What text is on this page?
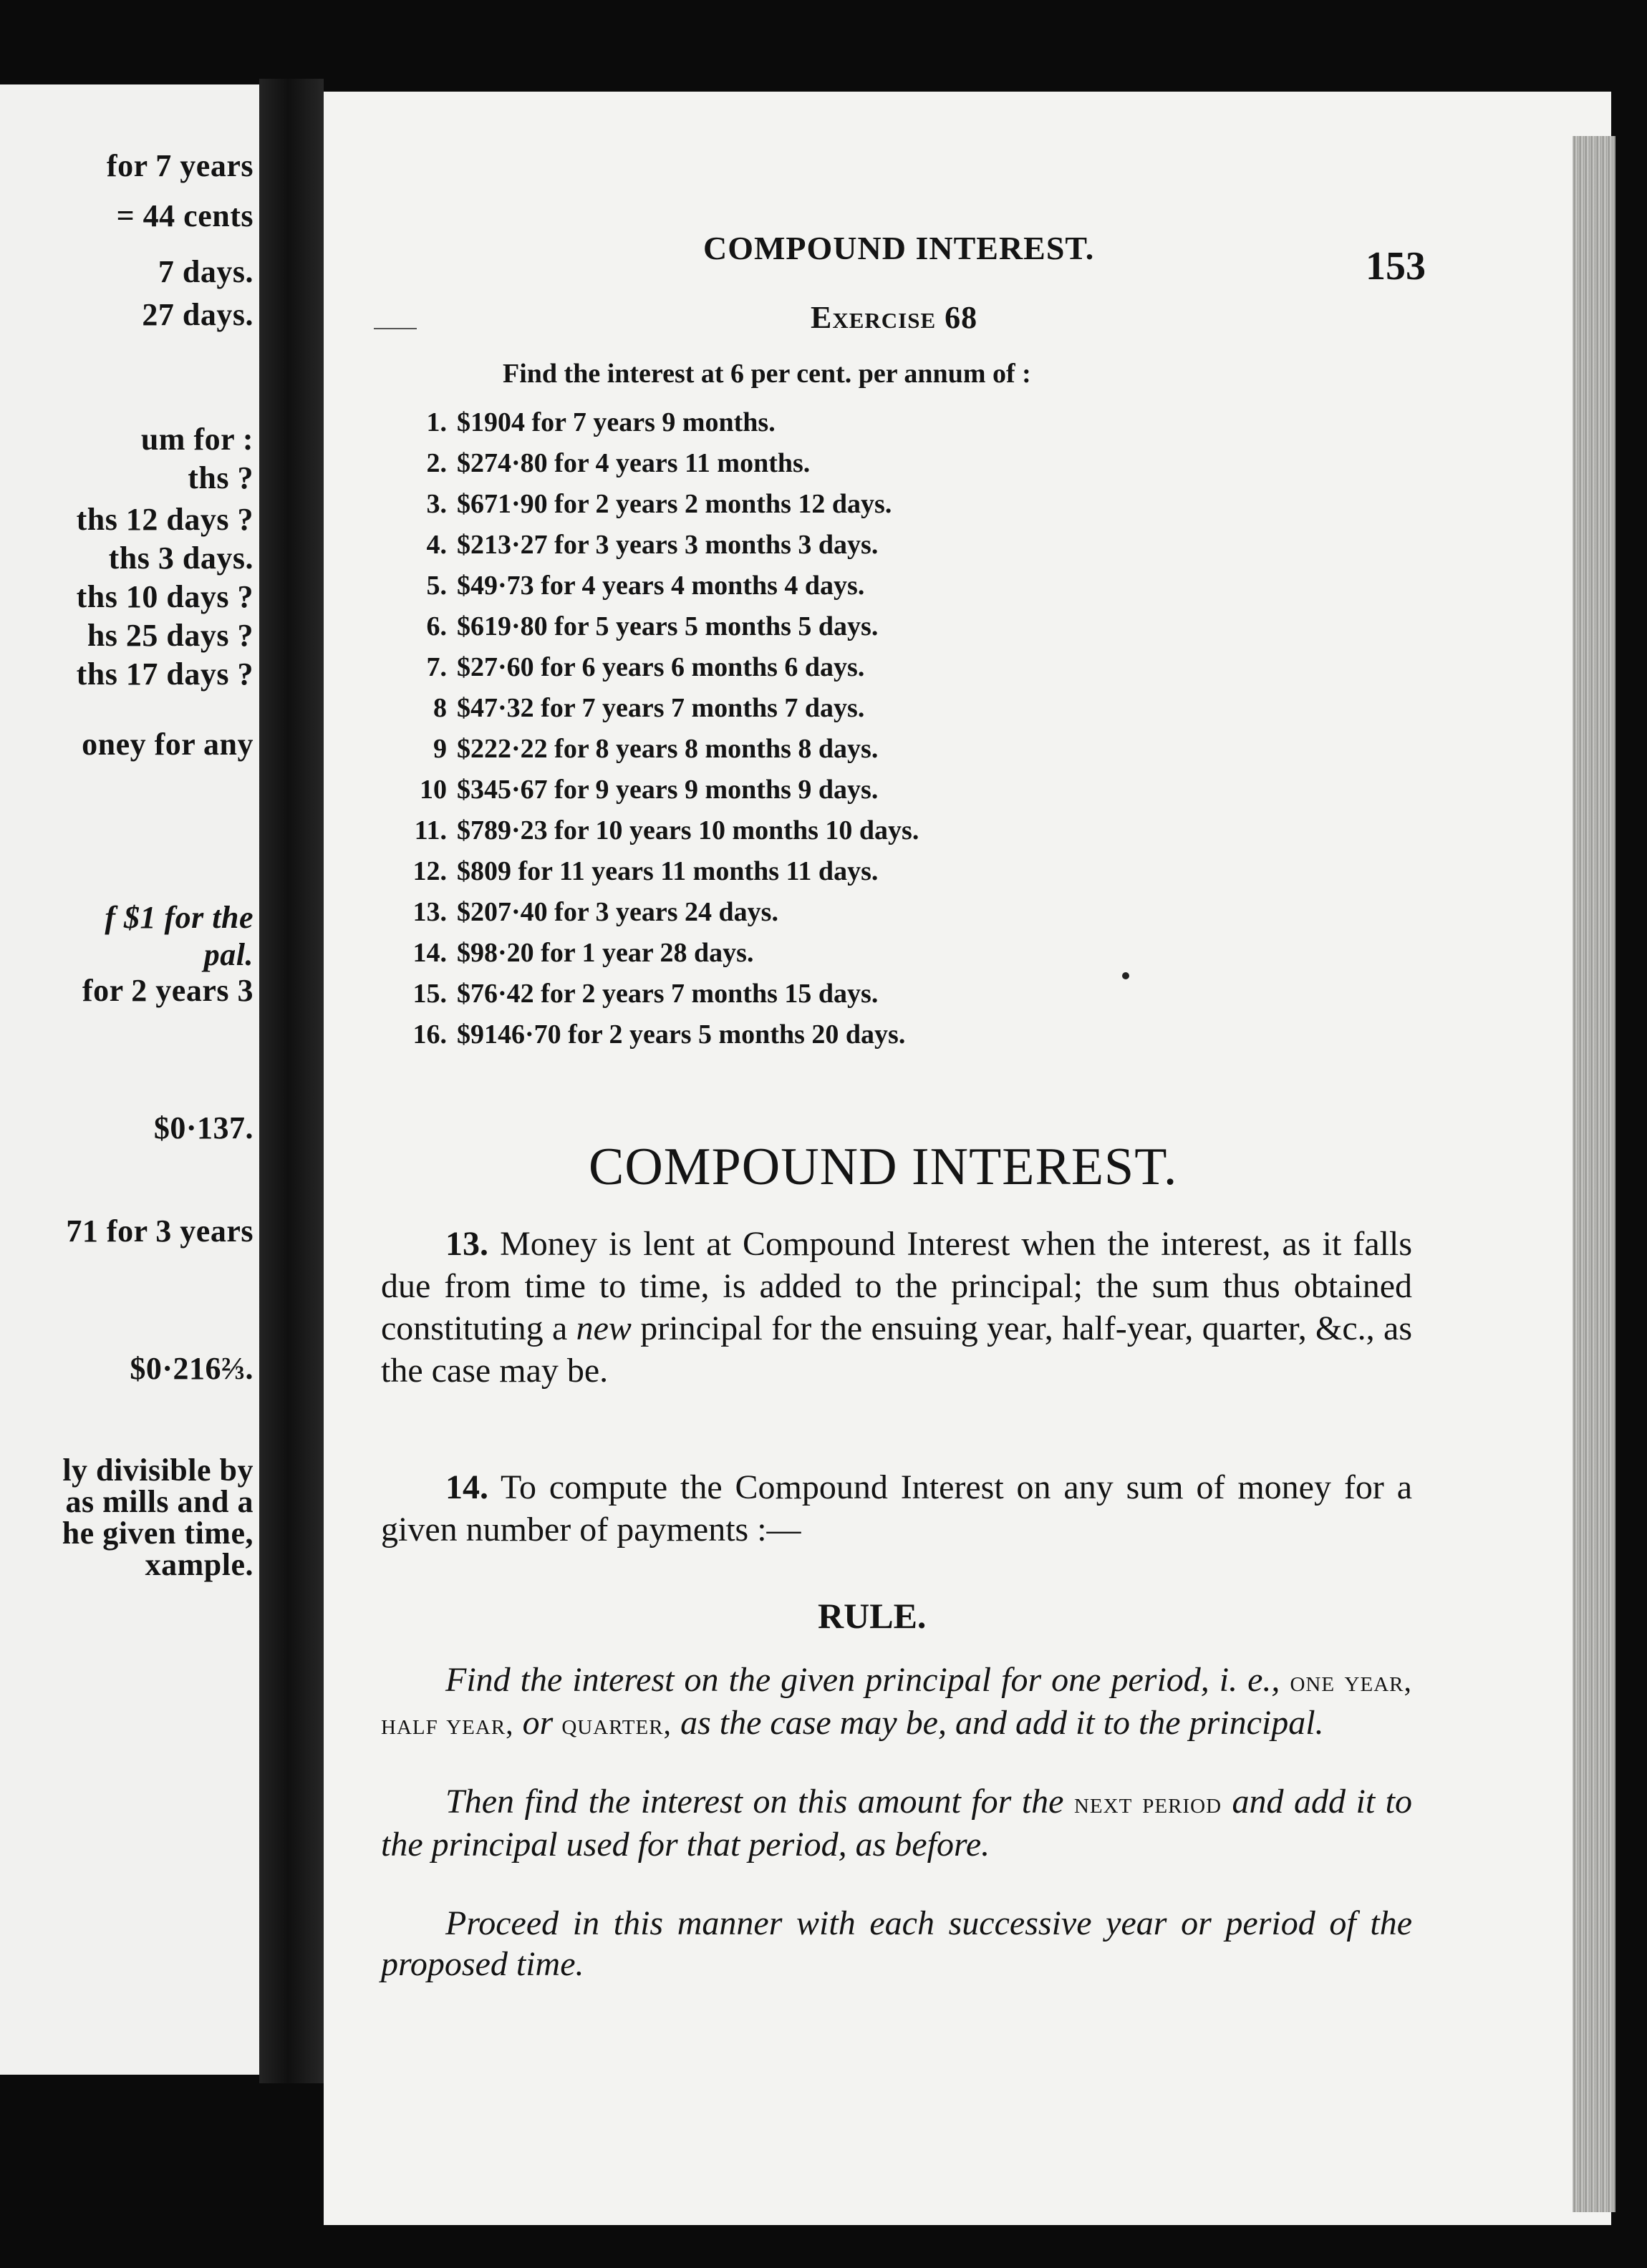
for 7 years
= 44 cents
7 days.
27 days.
um for :
ths ?
ths 12 days ?
ths 3 days.
ths 10 days ?
hs 25 days ?
ths 17 days ?
oney for any
f $1 for the
pal.
for 2 years 3
$0·137.
71 for 3 years
$0·216⅔.
ly divisible by
as mills and a
he given time,
xample.
COMPOUND INTEREST.	153
Exercise 68
Find the interest at 6 per cent. per annum of :
1. $1904 for 7 years 9 months.
2. $274·80 for 4 years 11 months.
3. $671·90 for 2 years 2 months 12 days.
4. $213·27 for 3 years 3 months 3 days.
5. $49·73 for 4 years 4 months 4 days.
6. $619·80 for 5 years 5 months 5 days.
7. $27·60 for 6 years 6 months 6 days.
8 $47·32 for 7 years 7 months 7 days.
9 $222·22 for 8 years 8 months 8 days.
10 $345·67 for 9 years 9 months 9 days.
11. $789·23 for 10 years 10 months 10 days.
12. $809 for 11 years 11 months 11 days.
13. $207·40 for 3 years 24 days.
14. $98·20 for 1 year 28 days.
15. $76·42 for 2 years 7 months 15 days.
16. $9146·70 for 2 years 5 months 20 days.
COMPOUND INTEREST.
13. Money is lent at Compound Interest when the interest, as it falls due from time to time, is added to the principal; the sum thus obtained constituting a new principal for the ensuing year, half-year, quarter, &c., as the case may be.
14. To compute the Compound Interest on any sum of money for a given number of payments :—
RULE.
Find the interest on the given principal for one period, i. e., one year, half year, or quarter, as the case may be, and add it to the principal.
Then find the interest on this amount for the next period and add it to the principal used for that period, as before.
Proceed in this manner with each successive year or period of the proposed time.
